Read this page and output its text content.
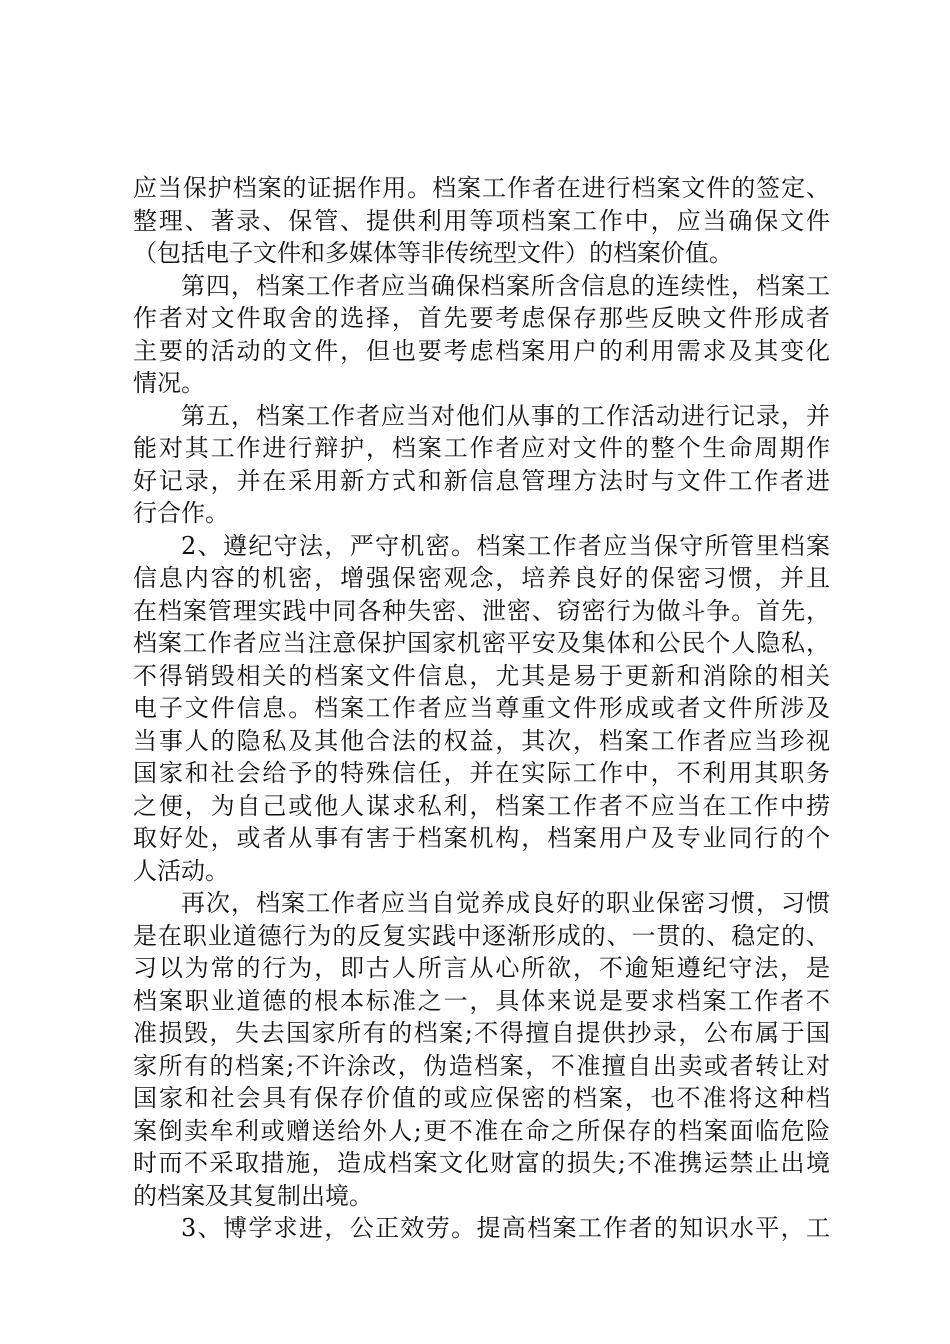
应当保护档案的证据作用。档案工作者在进行档案文件的签定、
整理、著录、保管、提供利用等项档案工作中，应当确保文件
（包括电子文件和多媒体等非传统型文件）的档案价值。
第四，档案工作者应当确保档案所含信息的连续性，档案工
作者对文件取舍的选择，首先要考虑保存那些反映文件形成者
主要的活动的文件，但也要考虑档案用户的利用需求及其变化
情况。
第五，档案工作者应当对他们从事的工作活动进行记录，并
能对其工作进行辩护，档案工作者应对文件的整个生命周期作
好记录，并在采用新方式和新信息管理方法时与文件工作者进
行合作。
2、遵纪守法，严守机密。档案工作者应当保守所管里档案
信息内容的机密，增强保密观念，培养良好的保密习惯，并且
在档案管理实践中同各种失密、泄密、窃密行为做斗争。首先，
档案工作者应当注意保护国家机密平安及集体和公民个人隐私，
不得销毁相关的档案文件信息，尤其是易于更新和消除的相关
电子文件信息。档案工作者应当尊重文件形成或者文件所涉及
当事人的隐私及其他合法的权益，其次，档案工作者应当珍视
国家和社会给予的特殊信任，并在实际工作中，不利用其职务
之便，为自己或他人谋求私利，档案工作者不应当在工作中捞
取好处，或者从事有害于档案机构，档案用户及专业同行的个
人活动。
再次，档案工作者应当自觉养成良好的职业保密习惯，习惯
是在职业道德行为的反复实践中逐渐形成的、一贯的、稳定的、
习以为常的行为，即古人所言从心所欲，不逾矩遵纪守法，是
档案职业道德的根本标准之一，具体来说是要求档案工作者不
准损毁，失去国家所有的档案;不得擅自提供抄录，公布属于国
家所有的档案;不许涂改，伪造档案，不准擅自出卖或者转让对
国家和社会具有保存价值的或应保密的档案，也不准将这种档
案倒卖牟利或赠送给外人;更不准在命之所保存的档案面临危险
时而不采取措施，造成档案文化财富的损失;不准携运禁止出境
的档案及其复制出境。
3、博学求进，公正效劳。提高档案工作者的知识水平，工
